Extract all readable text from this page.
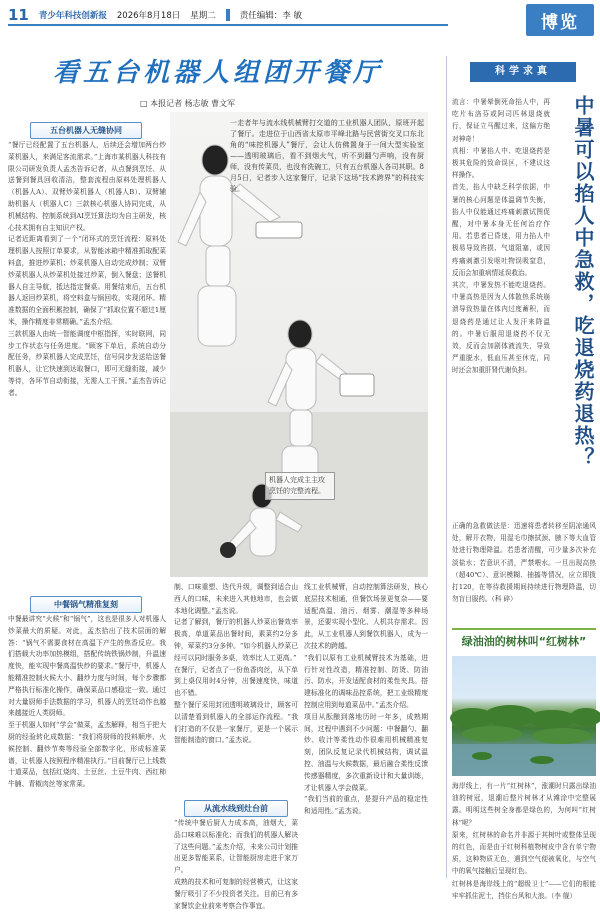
11 青少年科技创新报 2026年8月18日 星期二	责任编辑：李 敏	博览
看五台机器人组团开餐厅
□ 本报记者 杨志敏 曹文军
五台机器人无缝协同
“餐厅已经配置了五台机器人，后续还会增加两台炒菜机器人，来满足客流需求。”上海市某机器人科技有限公司研发负责人孟杰告诉记者，从点餐到烹饪、从送餐到餐具回收清洁，整套流程由原料处理机器人（机器人A）、双臂炒菜机器人（机器人B）、双臂辅助机器人（机器人C）三款核心机器人协同完成，从机械结构、控制系统到AI烹饪算法均为自主研发，核心技术拥有自主知识产权。
记者近距离看到了一个“闭环式的烹饪流程：原料处理机器人按照订单要求，从智能冰箱中精准抓取配菜料盒，推进炒菜机；炒菜机器人自动完成炒制；双臂炒菜机器人从炒菜机处接过炒菜，倒入餐盘；送餐机器人自主导航，抵达指定餐桌。用餐结束后，五台机器人返回炒菜机，将空料盒与锅回收，实现闭环。精准数据的全面积累控制，确保了“抓取位置不超过1厘米，操作精度非常精确。”孟杰介绍。
三款机器人由统一智能调度中枢指挥，实时联网，同步工作状态与任务进度。“顾客下单后，系统自动分配任务，炒菜机器人完成烹饪，信号同步发送给送餐机器人，让它快速到达取餐口，即可无缝衔接，减少等待，各环节自动衔接，无需人工干预。”孟杰告诉记者。
中餐锅气精准复刻
中餐最讲究“火候”和“锅气”，这也是很多人对机器人炒菜最大的质疑。对此，孟杰拾出了技术层面的解答：“锅气不需要食材在高温下产生的焦香反应。我们搭载大功率加热模组，搭配传统铁锅炒制，升温速度快，能实现中餐高温快炒的要求。”餐厅中，机器人能精准控制火候大小、翻炒力度与时间，每个步骤都严格执行标准化操作，确保菜品口感稳定一致。通过对大量厨师手法数据的学习，机器人的烹饪动作也越来越接近人类厨师。
至于机器人如何“学会”做菜，孟杰解释，相当于把大厨的经验转化成数据：“我们将厨师的投料顺序、火候控制、翻炒节奏等经验全部数字化，形成标准菜谱，让机器人按照程序精准执行。”目前餐厅已上线数十道菜品，包括红烧肉、土豆丝、土豆牛肉、西红柿牛腩、青椒肉丝等家常菜。
一走者年与流水线机械臂打交道的工业机器人团队，原班开起了餐厅。走进位于山西省太原市平峰北路与民营街交叉口东北角的“味控机器人”餐厅，会让人仿佛置身于一间大型实验室——透明玻璃后，看不到烟火气，听不到翻勺声响，没有厨师，没有传菜员，也没有洗碗工，只有五台机器人各司其职。8月5日，记者步入这家餐厅，记录下这场“技术跨界”的科技实验。
机器人完成主主攻烹饪的完整流程。
制、口味重塑、迭代升级，调整到适合山西人的口味，未来进入其他地市，也会做本地化调整。”孟杰说。
记者了解到，餐厅的机器人炒菜出餐效率极高，单道菜品出餐时间，素菜约2分多钟，荤菜约3分多钟。“如今机器人炒菜已经可以同时服务多桌，效率比人工更高。”
在餐厅，记者点了一份鱼香肉丝，从下单到上桌仅用时4分钟，出餐速度快，味道也不错。
整个餐厅采用封闭透明玻璃设计，顾客可以清楚看到机器人的全部运作流程。“我们打造的不仅是一家餐厅，更是一个展示智能制造的窗口。”孟杰说。
从流水线到灶台前
“传统中餐后厨人力成本高，油烟大，菜品口味难以标准化；而我们的机器人解决了这些问题。”孟杰介绍，未来公司计划推出更多智能菜系，让智能厨房走进千家万户。
成熟的技术和可复制的经营模式，让这家餐厅吸引了不少投资者关注。目前已有多家餐饮企业前来考察合作事宜。
线工业机械臂，自动控制算法研发，核心底层技术相通，但餐饮场景更复杂——要适配高温、油污、烟雾、潮湿等多种场景，还要实现小型化、人机共存需求。因此，从工业机器人到餐饮机器人，成为一次技术的跨越。
“我们以原有工业机械臂技术为基础，进行针对性改造，精准控制、防烫、防油污、防水，开发适配食材的柔性夹具。搭建标准化的调味品控系统，把工业级精度控制应用到每道菜品中。”孟杰介绍。
项目从酝酿到落地历时一年多，成熟期间，过程中遇到不少问题：中餐翻勺、翻炒、收汁等柔性动作很难用机械精准复刻，团队反复记录代机械结构，调试温控、油温与火候数据，最后融合柔性反馈传感器精度，多次重新设计和大量训练，才让机器人学会做菜。
“我们当前的重点，是提升产品的稳定性和适用性。”孟杰说。
科学求真
中暑可以掐人中急救，吃退烧药退热？
流言：中暑晕倒死命掐人中，再吃片布洛芬或阿司匹林退烧就行，保证立马醒过来，这偏方绝对神奇！
真相：中暑掐人中、吃退烧药是极其危险的致命误区，不建议这样操作。
首先，掐人中缺乏科学依据，中暑的核心问题是体温调节失衡，掐人中仅能通过疼痛刺激试图促醒，对中暑本身无任何治疗作用。若患者已昏迷，用力掐人中极易导致咨损、气道阻塞，或因疼痛刺激引发呕吐物误吸窒息，反而会加重病情延误救治。
其次，中暑发热不能吃退烧药。中暑高热是因为人体散热系统崩溃导致热量在体内过度蓄积，而退烧药是通过让人发汗来降温的。中暑后服用退烧药不仅无效，反而会加剧体液流失，导致严重脱水，低血压甚至休克，同时还会加重肝肾代谢负担。
正确的急救做法是：迅速将患者转移至阴凉通风处，解开衣物，用湿毛巾擦拭颈、腋下等大血管处进行物理降温。若患者清醒，可少量多次补充淡盐水；若意识不清，严禁喂水。一旦出现高热（超40℃）、意识模糊、抽搐等情况，应立即拨打120，在等待救援期间持续进行物理降温，切勿盲目服药。（科 碎）
绿油油的树林叫“红树林”
海岸线上，有一片“红树林”，涨潮时只露出绿油油的树冠，退潮后整片树林才从滩涂中完整展露。明明这些树全身都是绿色的，为何叫“红树林”呢？
原来，红树林的命名并非源于其树叶或整体呈现的红色，而是由于红树科植物树皮中含有单宁物质，这种物质无色，遇到空气便被氧化，与空气中的氧气接触后呈现红色。
红树林是海岸线上的“超级卫士”——它们的根能牢牢抓住泥土，挡住台风和大浪。（李 舰）
